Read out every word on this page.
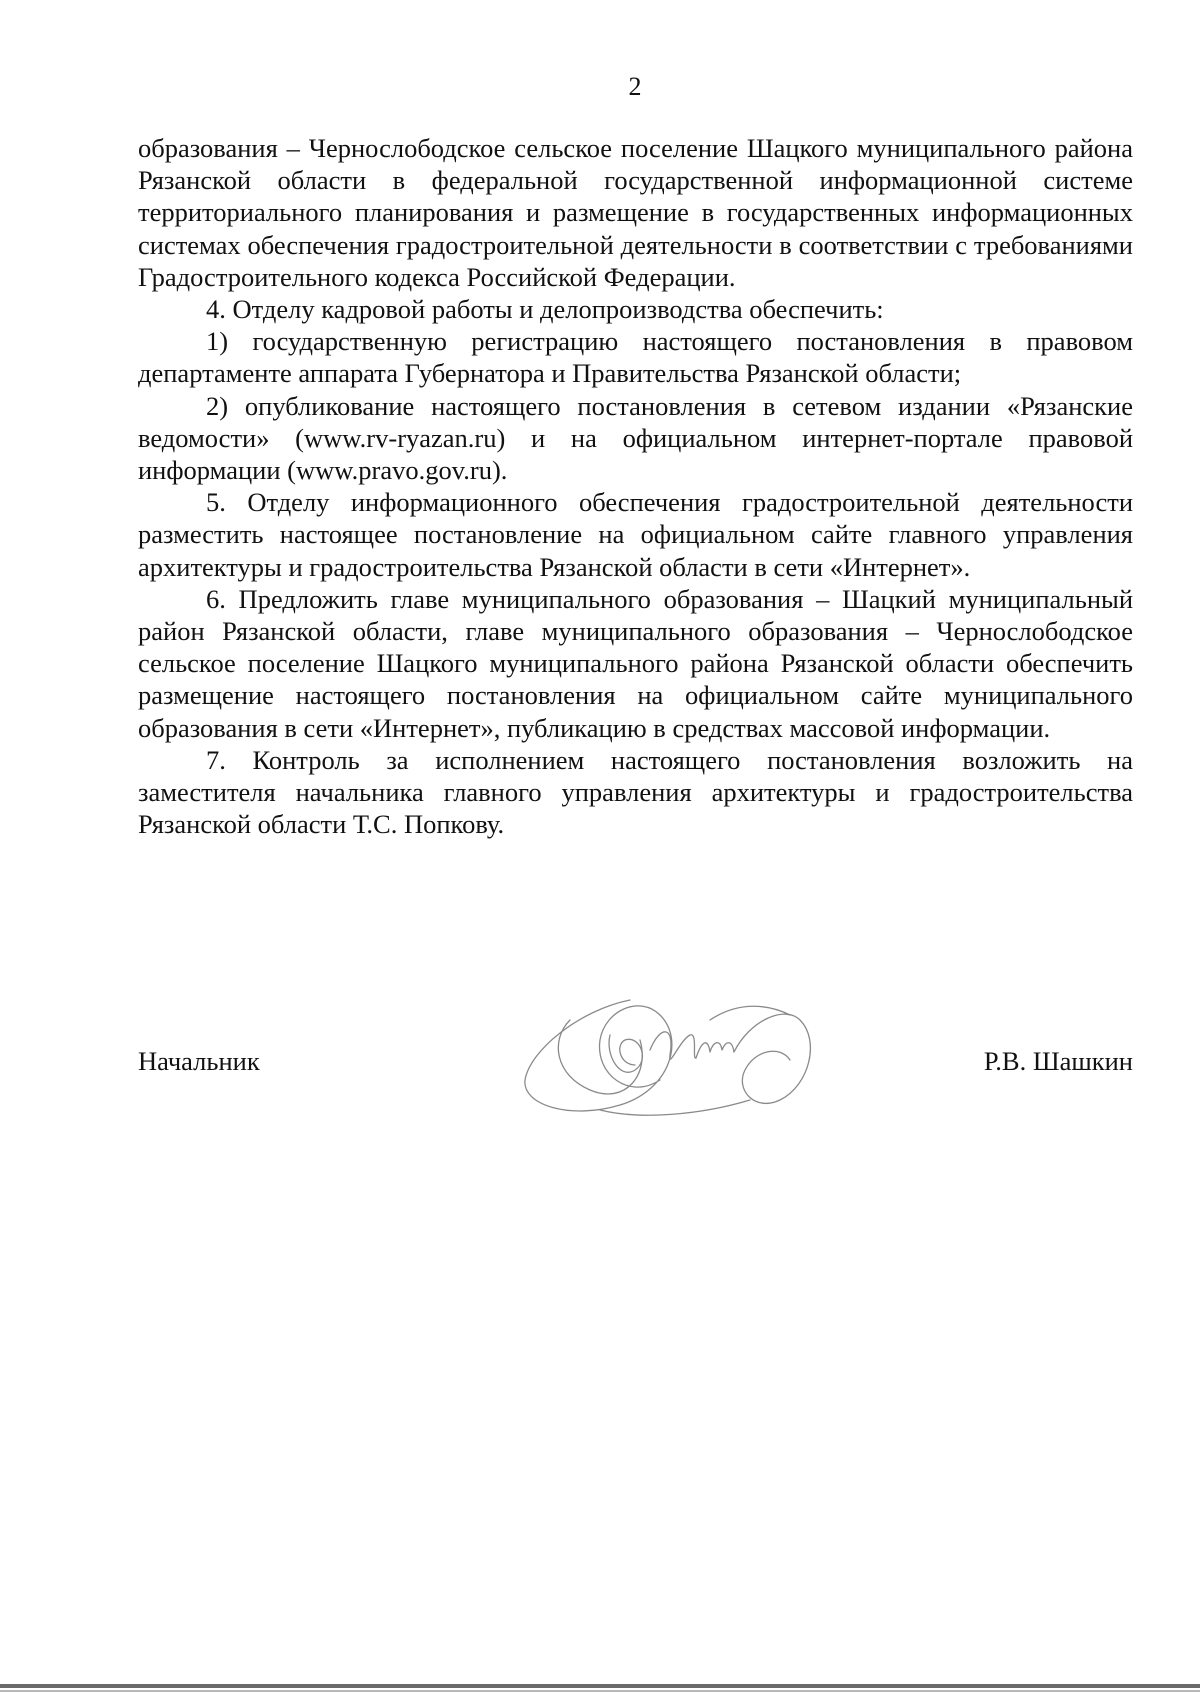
2

образования – Чернослободское сельское поселение Шацкого муниципального района Рязанской области в федеральной государственной информационной системе территориального планирования и размещение в государственных информационных системах обеспечения градостроительной деятельности в соответствии с требованиями Градостроительного кодекса Российской Федерации.

4. Отделу кадровой работы и делопроизводства обеспечить:

1) государственную регистрацию настоящего постановления в правовом департаменте аппарата Губернатора и Правительства Рязанской области;

2) опубликование настоящего постановления в сетевом издании «Рязанские ведомости» (www.rv-ryazan.ru) и на официальном интернет-портале правовой информации (www.pravo.gov.ru).

5. Отделу информационного обеспечения градостроительной деятельности разместить настоящее постановление на официальном сайте главного управления архитектуры и градостроительства Рязанской области в сети «Интернет».

6. Предложить главе муниципального образования – Шацкий муниципальный район Рязанской области, главе муниципального образования – Чернослободское сельское поселение Шацкого муниципального района Рязанской области обеспечить размещение настоящего постановления на официальном сайте муниципального образования в сети «Интернет», публикацию в средствах массовой информации.

7. Контроль за исполнением настоящего постановления возложить на заместителя начальника главного управления архитектуры и градостроительства Рязанской области Т.С. Попкову.

Начальник	Р.В. Шашкин
